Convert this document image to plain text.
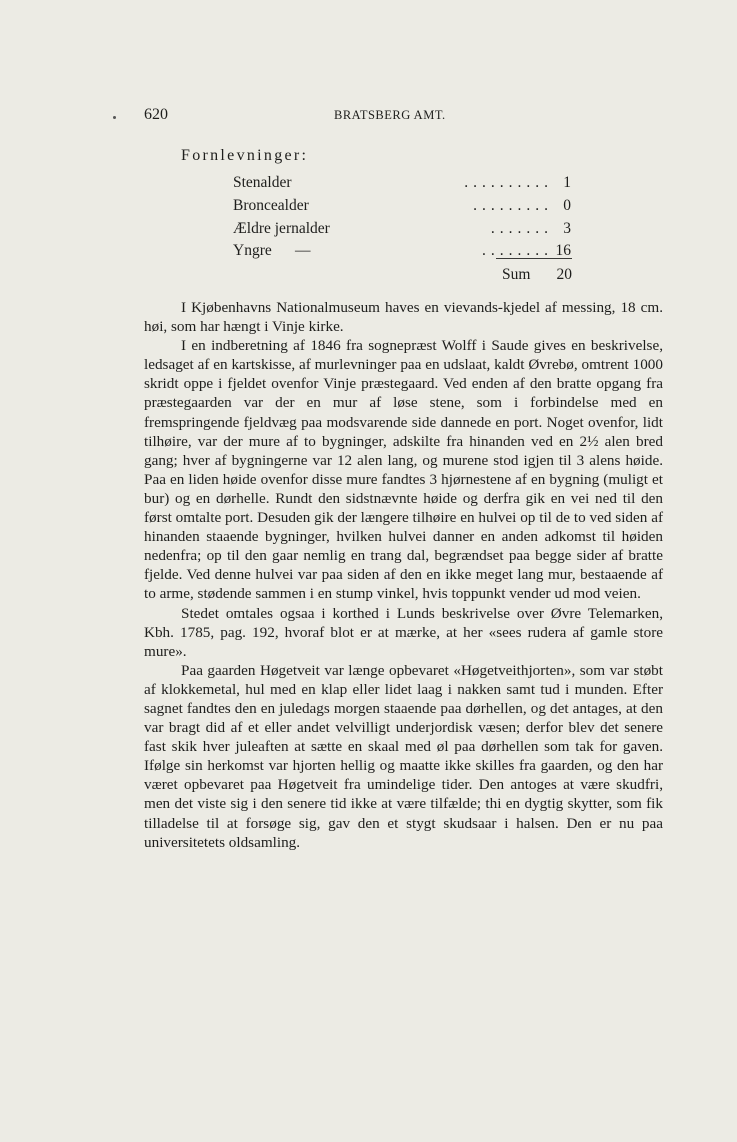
620	BRATSBERG AMT.
Fornlevninger:
..........
Stenalder	1
.........
Broncealder	0
.......
Ældre jernalder	3
........
Yngre      —	16
Sum 20

I Kjøbenhavns Nationalmuseum haves en vievands-kjedel af messing, 18 cm. høi, som har hængt i Vinje kirke.

I en indberetning af 1846 fra sognepræst Wolff i Saude gives en beskrivelse, ledsaget af en kartskisse, af murlevninger paa en udslaat, kaldt Øvrebø, omtrent 1000 skridt oppe i fjeldet ovenfor Vinje præstegaard. Ved enden af den bratte opgang fra præstegaarden var der en mur af løse stene, som i forbindelse med en fremspringende fjeldvæg paa modsvarende side dannede en port. Noget ovenfor, lidt tilhøire, var der mure af to bygninger, adskilte fra hinanden ved en 2½ alen bred gang; hver af bygningerne var 12 alen lang, og murene stod igjen til 3 alens høide. Paa en liden høide ovenfor disse mure fandtes 3 hjørnestene af en bygning (muligt et bur) og en dørhelle. Rundt den sidstnævnte høide og derfra gik en vei ned til den først omtalte port. Desuden gik der længere tilhøire en hulvei op til de to ved siden af hinanden staaende bygninger, hvilken hulvei danner en anden adkomst til høiden nedenfra; op til den gaar nemlig en trang dal, begrændset paa begge sider af bratte fjelde. Ved denne hulvei var paa siden af den en ikke meget lang mur, bestaaende af to arme, stødende sammen i en stump vinkel, hvis toppunkt vender ud mod veien.

Stedet omtales ogsaa i korthed i Lunds beskrivelse over Øvre Telemarken, Kbh. 1785, pag. 192, hvoraf blot er at mærke, at her «sees rudera af gamle store mure».

Paa gaarden Høgetveit var længe opbevaret «Høgetveithjorten», som var støbt af klokkemetal, hul med en klap eller lidet laag i nakken samt tud i munden. Efter sagnet fandtes den en juledags morgen staaende paa dørhellen, og det antages, at den var bragt did af et eller andet velvilligt underjordisk væsen; derfor blev det senere fast skik hver juleaften at sætte en skaal med øl paa dørhellen som tak for gaven. Ifølge sin herkomst var hjorten hellig og maatte ikke skilles fra gaarden, og den har været opbevaret paa Høgetveit fra umindelige tider. Den antoges at være skudfri, men det viste sig i den senere tid ikke at være tilfælde; thi en dygtig skytter, som fik tilladelse til at forsøge sig, gav den et stygt skudsaar i halsen. Den er nu paa universitetets oldsamling.
